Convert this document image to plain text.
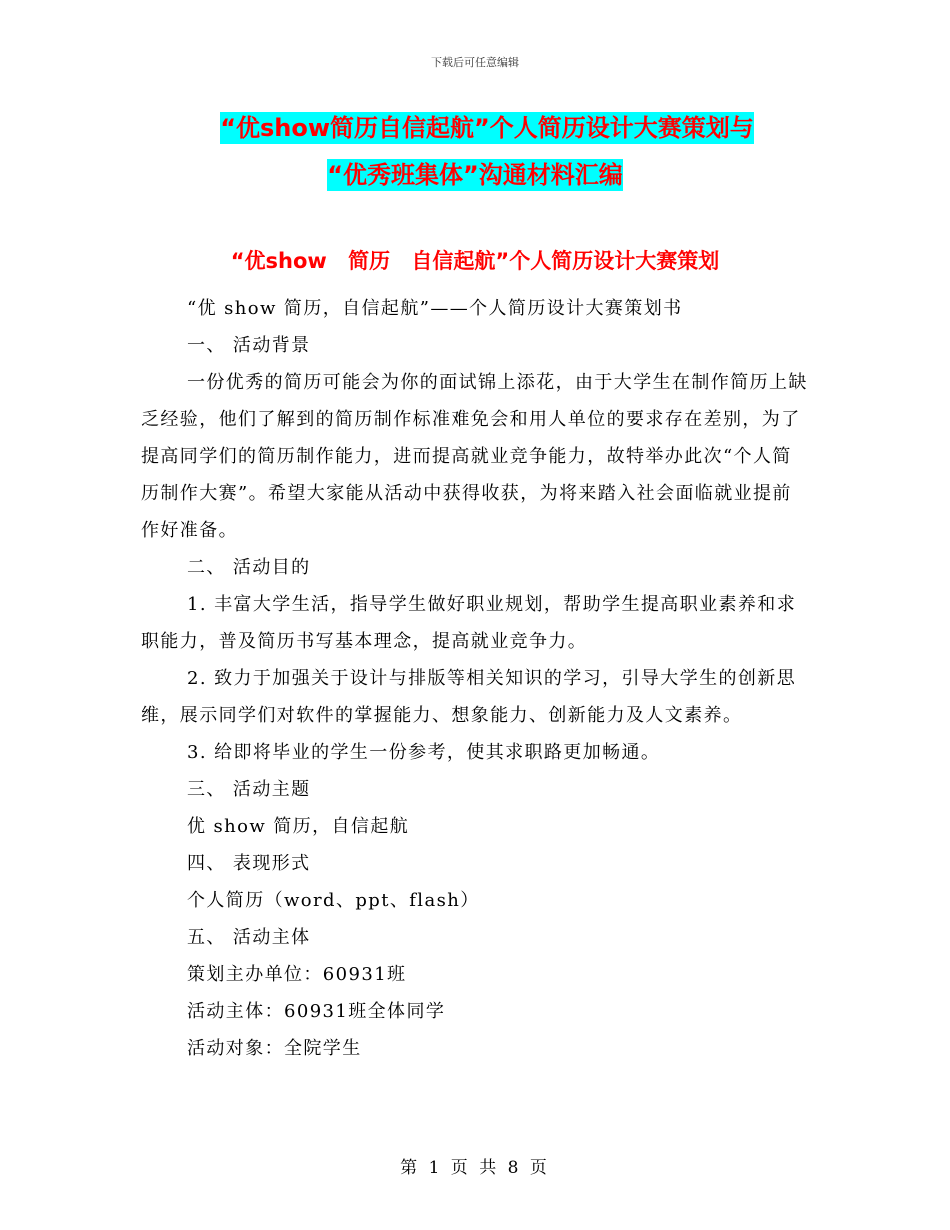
下载后可任意编辑
“优show简历自信起航”个人简历设计大赛策划与
“优秀班集体”沟通材料汇编
“优show 简历 自信起航”个人简历设计大赛策划

“优 show 简历，自信起航”——个人简历设计大赛策划书

一、 活动背景

一份优秀的简历可能会为你的面试锦上添花，由于大学生在制作简历上缺乏经验，他们了解到的简历制作标准难免会和用人单位的要求存在差别，为了提高同学们的简历制作能力，进而提高就业竞争能力，故特举办此次“个人简历制作大赛”。希望大家能从活动中获得收获，为将来踏入社会面临就业提前作好准备。

二、 活动目的

1. 丰富大学生活，指导学生做好职业规划，帮助学生提高职业素养和求职能力，普及简历书写基本理念，提高就业竞争力。

2. 致力于加强关于设计与排版等相关知识的学习，引导大学生的创新思维，展示同学们对软件的掌握能力、想象能力、创新能力及人文素养。

3. 给即将毕业的学生一份参考，使其求职路更加畅通。

三、 活动主题

优 show 简历，自信起航

四、 表现形式

个人简历（word、ppt、flash）

五、 活动主体

策划主办单位：60931班

活动主体：60931班全体同学

活动对象：全院学生

第 1 页 共 8 页
